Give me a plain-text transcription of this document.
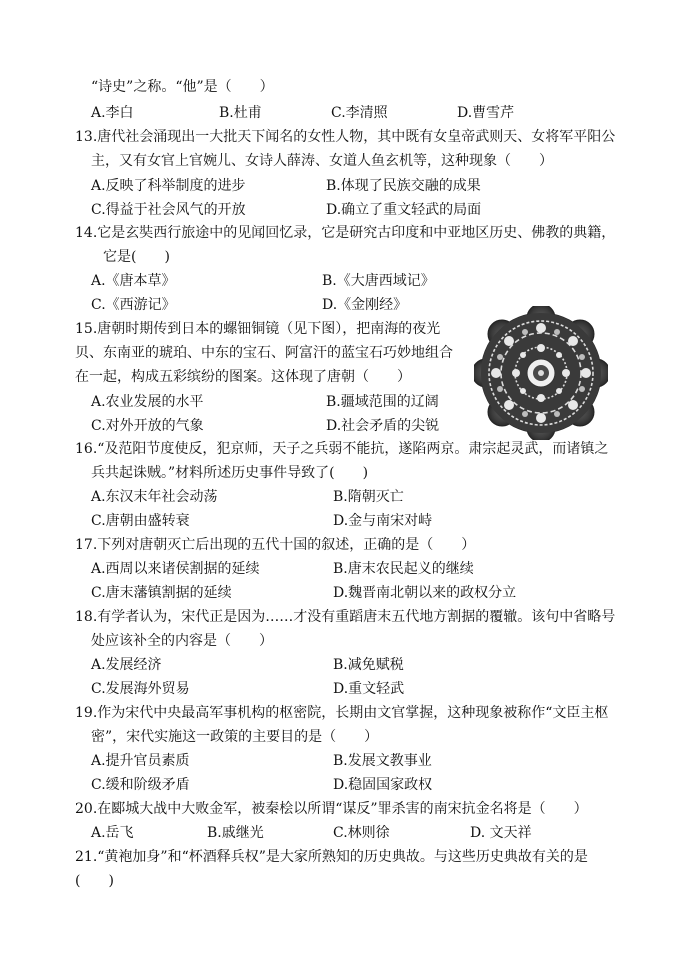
“诗史”之称。“他”是（　　）
A.李白	B.杜甫	C.李清照	D.曹雪芹
13.唐代社会涌现出一大批天下闻名的女性人物，其中既有女皇帝武则天、女将军平阳公
主，又有女官上官婉儿、女诗人薛涛、女道人鱼玄机等，这种现象（　　）
A.反映了科举制度的进步	B.体现了民族交融的成果
C.得益于社会风气的开放	D.确立了重文轻武的局面
14.它是玄奘西行旅途中的见闻回忆录，它是研究古印度和中亚地区历史、佛教的典籍，
它是(　　)
A.《唐本草》	B.《大唐西域记》
C.《西游记》	D.《金刚经》
15.唐朝时期传到日本的螺钿铜镜（见下图），把南海的夜光
贝、东南亚的琥珀、中东的宝石、阿富汗的蓝宝石巧妙地组合
在一起，构成五彩缤纷的图案。这体现了唐朝（　　）
A.农业发展的水平	B.疆域范围的辽阔
C.对外开放的气象	D.社会矛盾的尖锐
16.“及范阳节度使反，犯京师，天子之兵弱不能抗，遂陷两京。肃宗起灵武，而诸镇之
兵共起诛贼。”材料所述历史事件导致了(　　)
A.东汉末年社会动荡	B.隋朝灭亡
C.唐朝由盛转衰	D.金与南宋对峙
17.下列对唐朝灭亡后出现的五代十国的叙述，正确的是（　　）
A.西周以来诸侯割据的延续	B.唐末农民起义的继续
C.唐末藩镇割据的延续	D.魏晋南北朝以来的政权分立
18.有学者认为，宋代正是因为……才没有重蹈唐末五代地方割据的覆辙。该句中省略号
处应该补全的内容是（　　）
A.发展经济	B.减免赋税
C.发展海外贸易	D.重文轻武
19.作为宋代中央最高军事机构的枢密院，长期由文官掌握，这种现象被称作“文臣主枢
密”，宋代实施这一政策的主要目的是（　　）
A.提升官员素质	B.发展文教事业
C.缓和阶级矛盾	D.稳固国家政权
20.在郾城大战中大败金军，被秦桧以所谓“谋反”罪杀害的南宋抗金名将是（　　）
A.岳飞	B.戚继光	C.林则徐	D. 文天祥
21.“黄袍加身”和“杯酒释兵权”是大家所熟知的历史典故。与这些历史典故有关的是
(　　)
